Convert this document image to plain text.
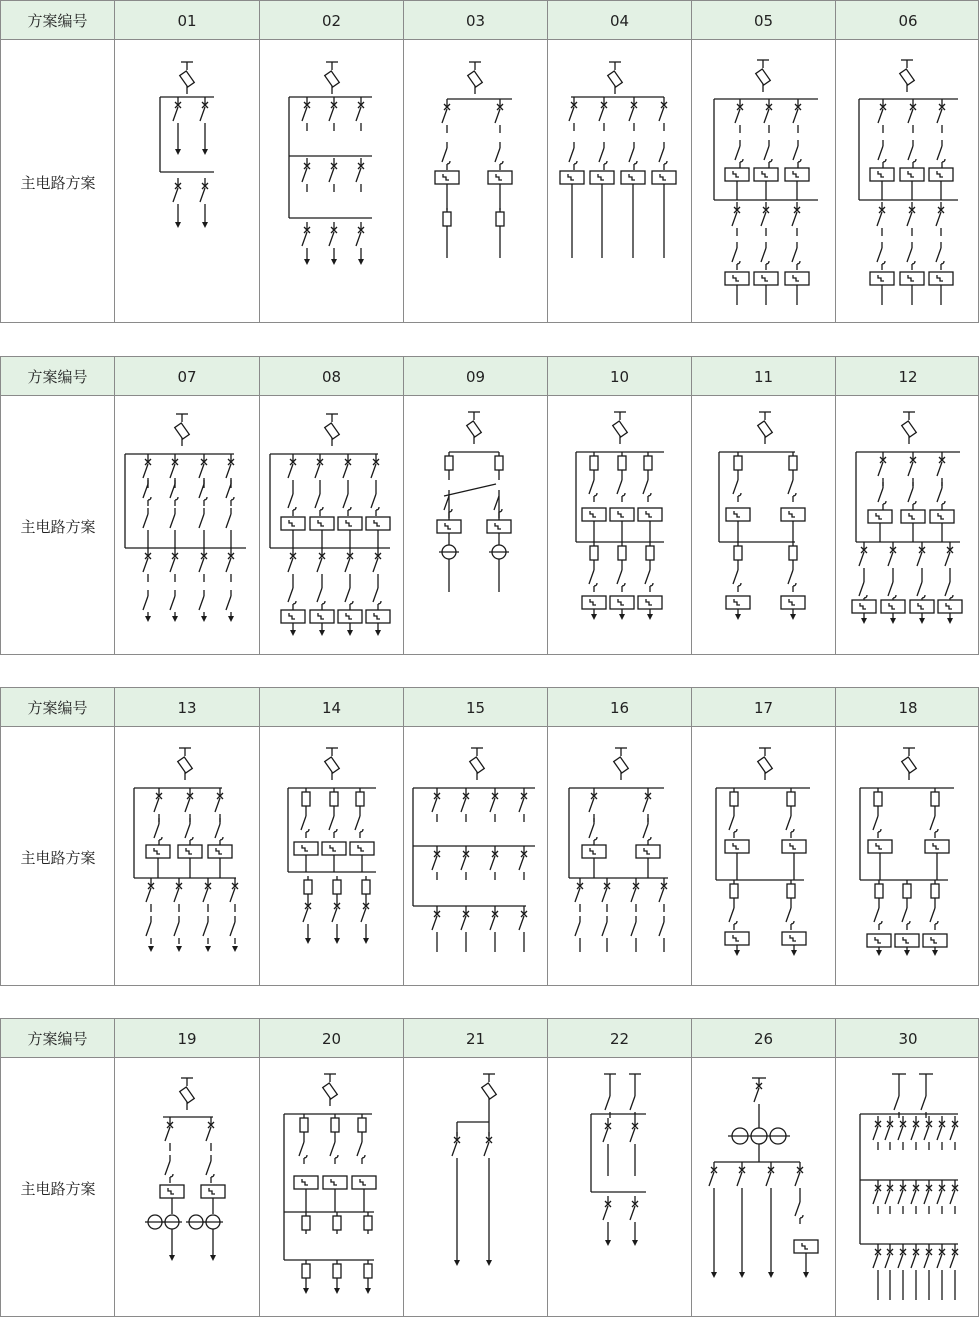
方案编号	01	02	03	04	05	06
主电路方案
方案编号	07	08	09	10	11	12
主电路方案
方案编号	13	14	15	16	17	18
主电路方案
方案编号	19	20	21	22	26	30
主电路方案
